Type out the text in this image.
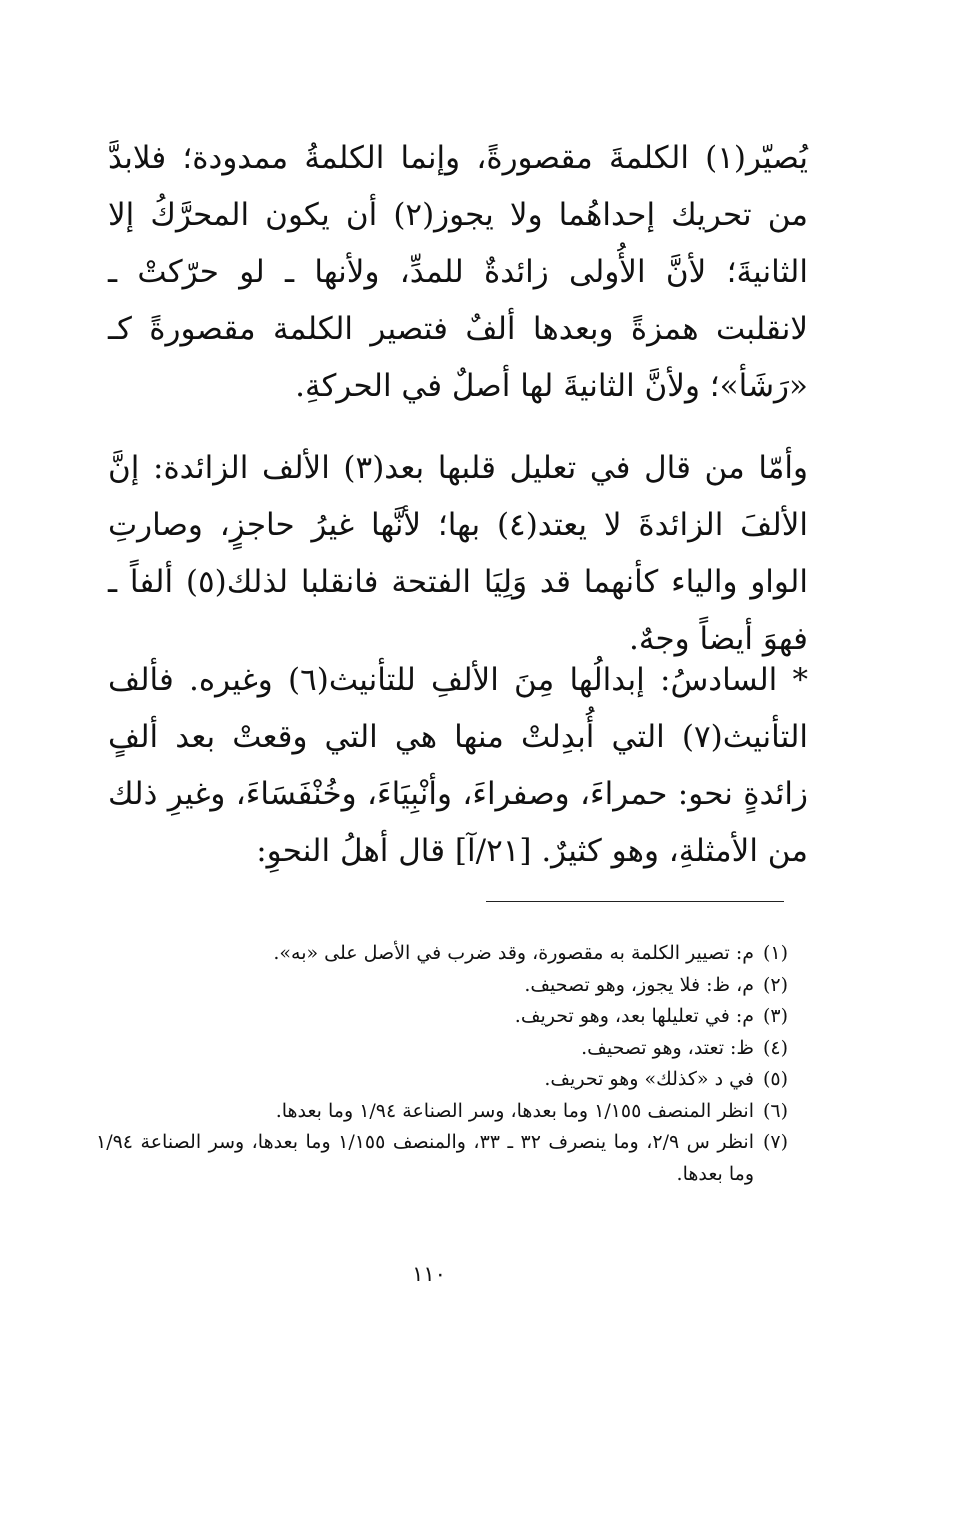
يُصيّر(١) الكلمةَ مقصورةً، وإنما الكلمةُ ممدودة؛ فلابدَّ من تحريك إحداهُما ولا يجوز(٢) أن يكون المحرَّكُ إلا الثانيةَ؛ لأنَّ الأُولى زائدةٌ للمدِّ، ولأنها ـ لو حرّكتْ ـ لانقلبت همزةً وبعدها ألفٌ فتصير الكلمة مقصورةً كـ «رَشَأ»؛ ولأنَّ الثانيةَ لها أصلٌ في الحركةِ.

وأمّا من قال في تعليل قلبها بعد(٣) الألف الزائدة: إنَّ الألفَ الزائدةَ لا يعتد(٤) بها؛ لأنَّها غيرُ حاجزٍ، وصارتِ الواو والياء كأنهما قد وَلِيَا الفتحة فانقلبا لذلك(٥) ألفاً ـ فهوَ أيضاً وجهٌ.

* السادسُ: إبدالُها مِنَ الألفِ للتأنيث(٦) وغيره. فألف التأنيث(٧) التي أُبدِلتْ منها هي التي وقعتْ بعد ألفٍ زائدةٍ نحو: حمراءَ، وصفراءَ، وأنْبِيَاءَ، وخُنْفَسَاءَ، وغيرِ ذلك من الأمثلةِ، وهو كثيرٌ. [٢١/آ] قال أهلُ النحوِ:

(١)
م: تصيير الكلمة به مقصورة، وقد ضرب في الأصل على «به».
(٢)
م، ظ: فلا يجوز، وهو تصحيف.
(٣)
م: في تعليلها بعد، وهو تحريف.
(٤)
ظ: تعتد، وهو تصحيف.
(٥)
في د «كذلك» وهو تحريف.
(٦)
انظر المنصف ١/١٥٥ وما بعدها، وسر الصناعة ١/٩٤ وما بعدها.
(٧)
انظر س ٢/٩، وما ينصرف ٣٢ ـ ٣٣، والمنصف ١/١٥٥ وما بعدها، وسر الصناعة ١/٩٤ وما بعدها.
١١٠
